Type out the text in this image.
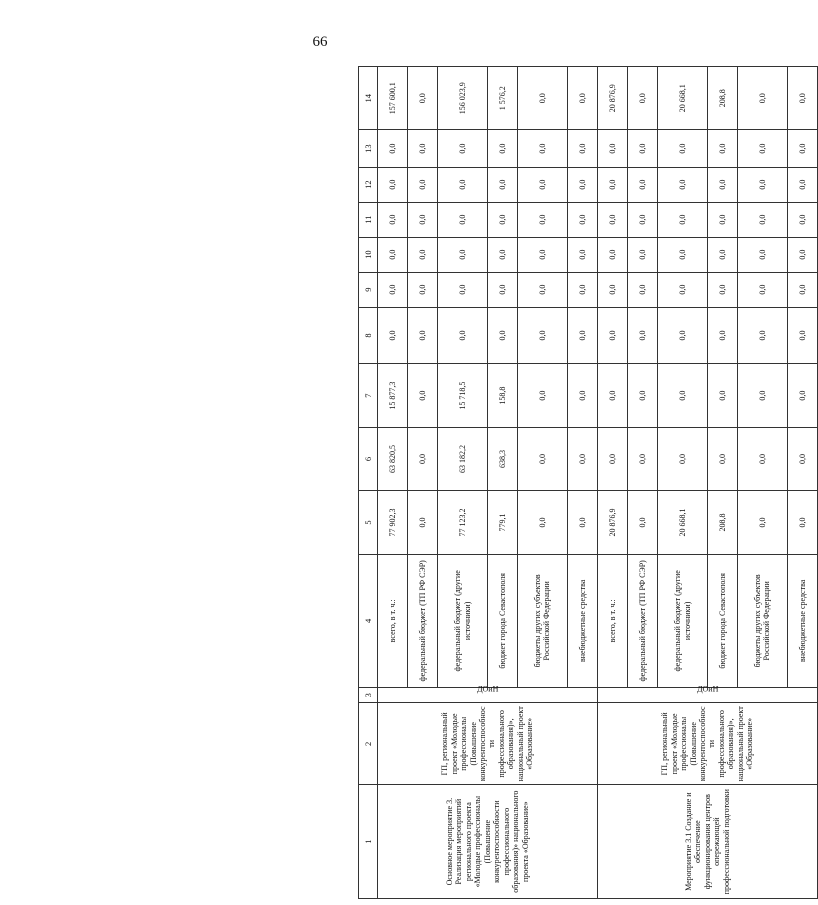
66
1	2	3	4	5	6	7	8	9	10	11	12	13	14
Основное мероприятие 3. Реализация мероприятий регионального проекта «Молодые профессионалы (Повышение конкурентоспособности профессионального образования)» национального проекта «Образование»	ГП, региональный проект «Молодые профессионалы (Повышение конкурентоспособности профессионального образования)», национальный проект «Образование»	ДОиН	всего, в т. ч.:	77 902,3	63 820,5	15 877,3	0,0	0,0	0,0	0,0	0,0	0,0	157 600,1
			федеральный бюджет (ТП РФ СЭР)	0,0	0,0	0,0	0,0	0,0	0,0	0,0	0,0	0,0	0,0
			федеральный бюджет (другие источники)	77 123,2	63 182,2	15 718,5	0,0	0,0	0,0	0,0	0,0	0,0	156 023,9
			бюджет города Севастополя	779,1	638,3	158,8	0,0	0,0	0,0	0,0	0,0	0,0	1 576,2
			бюджеты других субъектов Российской Федерации	0,0	0,0	0,0	0,0	0,0	0,0	0,0	0,0	0,0	0,0
			внебюджетные средства	0,0	0,0	0,0	0,0	0,0	0,0	0,0	0,0	0,0	0,0
Мероприятие 3.1 Создание и обеспечение функционирования центров опережающей профессиональной подготовки	ГП, региональный проект «Молодые профессионалы (Повышение конкурентоспособности профессионального образования)», национальный проект «Образование»	ДОиН	всего, в т. ч.:	20 876,9	0,0	0,0	0,0	0,0	0,0	0,0	0,0	0,0	20 876,9
			федеральный бюджет (ТП РФ СЭР)	0,0	0,0	0,0	0,0	0,0	0,0	0,0	0,0	0,0	0,0
			федеральный бюджет (другие источники)	20 668,1	0,0	0,0	0,0	0,0	0,0	0,0	0,0	0,0	20 668,1
			бюджет города Севастополя	208,8	0,0	0,0	0,0	0,0	0,0	0,0	0,0	0,0	208,8
			бюджеты других субъектов Российской Федерации	0,0	0,0	0,0	0,0	0,0	0,0	0,0	0,0	0,0	0,0
			внебюджетные средства	0,0	0,0	0,0	0,0	0,0	0,0	0,0	0,0	0,0	0,0
